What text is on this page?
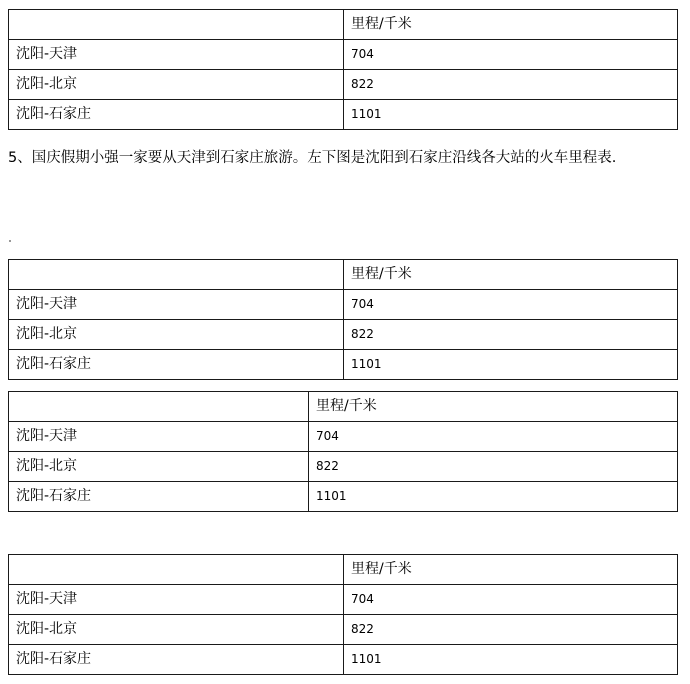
	里程/千米
沈阳-天津	704
沈阳-北京	822
沈阳-石家庄	1101
5、国庆假期小强一家要从天津到石家庄旅游。左下图是沈阳到石家庄沿线各大站的火车里程表.
	里程/千米
沈阳-天津	704
沈阳-北京	822
沈阳-石家庄	1101
	里程/千米
沈阳-天津	704
沈阳-北京	822
沈阳-石家庄	1101
	里程/千米
沈阳-天津	704
沈阳-北京	822
沈阳-石家庄	1101
